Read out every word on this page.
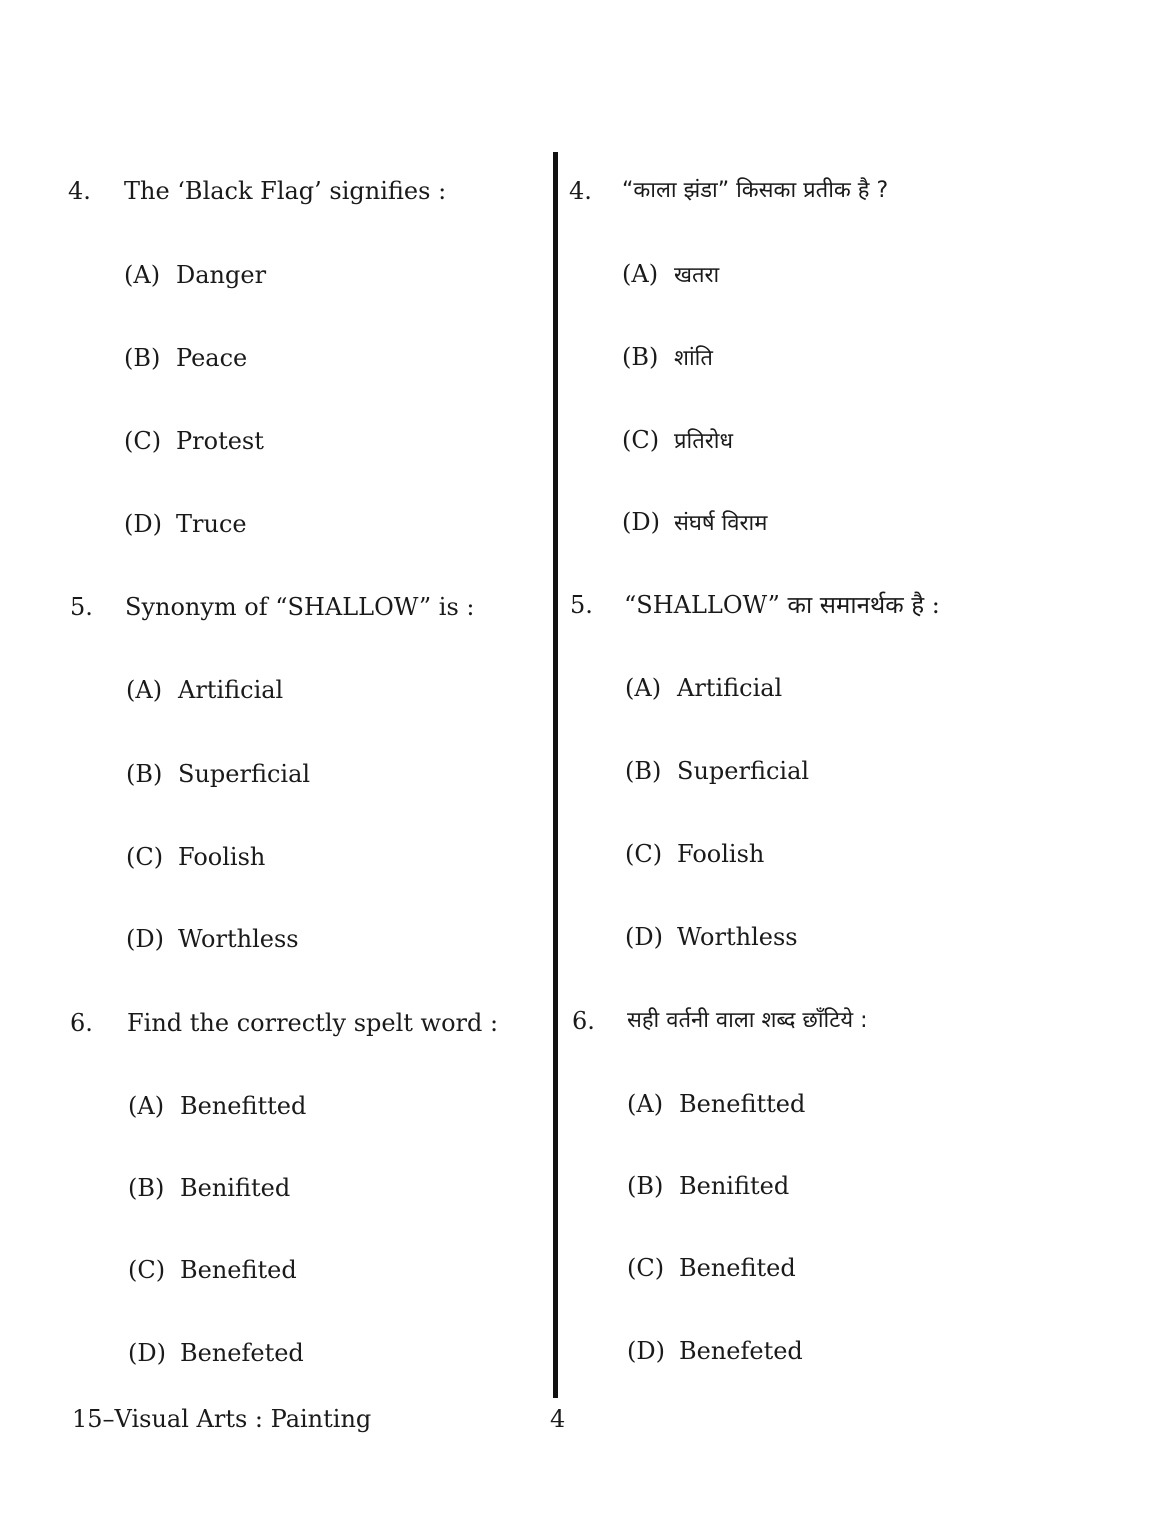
4. The ‘Black Flag’ signifies :
(A) Danger
(B) Peace
(C) Protest
(D) Truce
5. Synonym of “SHALLOW” is :
(A) Artificial
(B) Superficial
(C) Foolish
(D) Worthless
6. Find the correctly spelt word :
(A) Benefitted
(B) Benifited
(C) Benefited
(D) Benefeted
4. “काला झंडा” किसका प्रतीक है ?
(A) खतरा
(B) शांति
(C) प्रतिरोध
(D) संघर्ष विराम
5. “SHALLOW” का समानर्थक है :
(A) Artificial
(B) Superficial
(C) Foolish
(D) Worthless
6. सही वर्तनी वाला शब्द छाँटिये :
(A) Benefitted
(B) Benifited
(C) Benefited
(D) Benefeted
15–Visual Arts : Painting	4
